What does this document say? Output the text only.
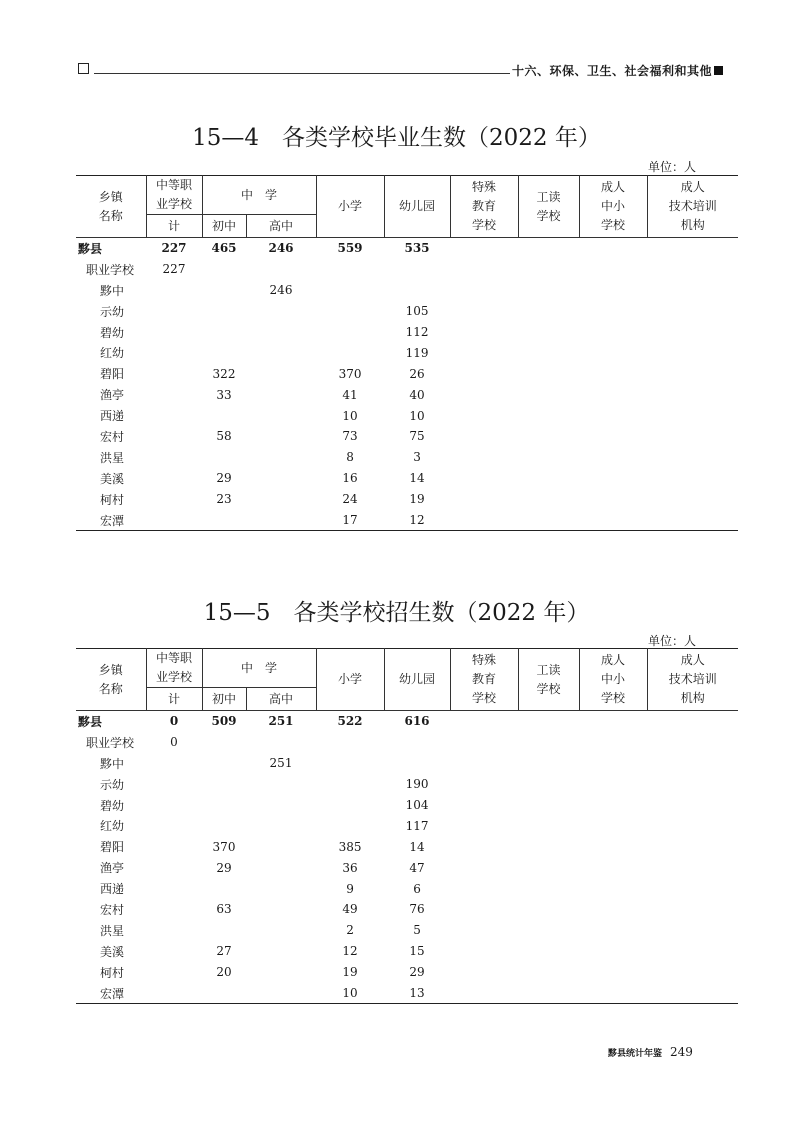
十六、环保、卫生、社会福利和其他
15—4　各类学校毕业生数（2022 年）
单位：人
乡镇
名称	中等职
业学校	中　学		小学	幼儿园	特殊
教育
学校	工读
学校	成人
中小
学校	成人
技术培训
机构
	计	初中	高中						
黟县	227	465	246	559	535				
职业学校	227								
黟中			246						
示幼					105				
碧幼					112				
红幼					119				
碧阳		322		370	26				
渔亭		33		41	40				
西递				10	10				
宏村		58		73	75				
洪星				8	3				
美溪		29		16	14				
柯村		23		24	19				
宏潭				17	12				
15—5　各类学校招生数（2022 年）
单位：人
乡镇
名称	中等职
业学校	中　学		小学	幼儿园	特殊
教育
学校	工读
学校	成人
中小
学校	成人
技术培训
机构
	计	初中	高中						
黟县	0	509	251	522	616				
职业学校	0								
黟中			251						
示幼					190				
碧幼					104				
红幼					117				
碧阳		370		385	14				
渔亭		29		36	47				
西递				9	6				
宏村		63		49	76				
洪星				2	5				
美溪		27		12	15				
柯村		20		19	29				
宏潭				10	13				
黟县统计年鉴 249
